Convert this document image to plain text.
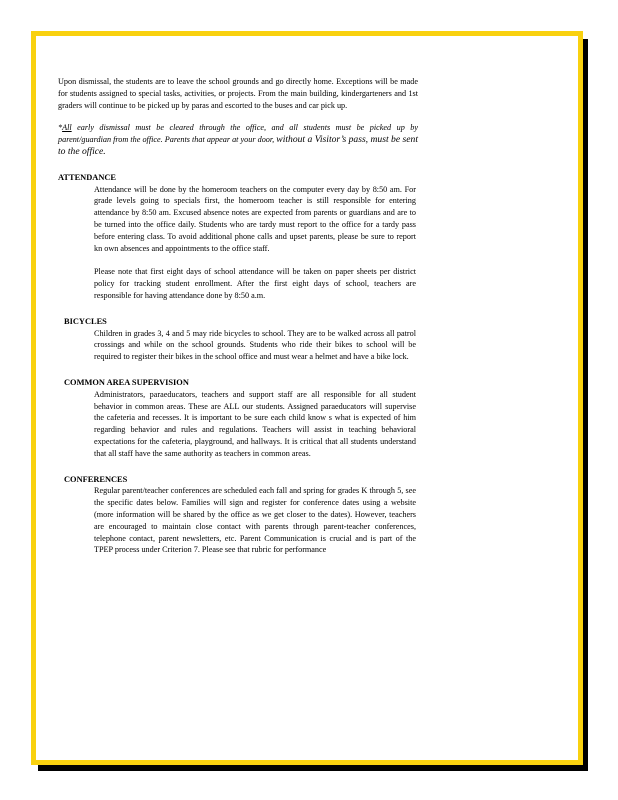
Upon dismissal, the students are to leave the school grounds and go directly home. Exceptions will be made for students assigned to special tasks, activities, or projects. From the main building, kindergarteners and 1st graders will continue to be picked up by paras and escorted to the buses and car pick up.

*All early dismissal must be cleared through the office, and all students must be picked up by parent/guardian from the office. Parents that appear at your door, without a Visitor’s pass, must be sent to the office.

ATTENDANCE

Attendance will be done by the homeroom teachers on the computer every day by 8:50 am. For grade levels going to specials first, the homeroom teacher is still responsible for entering attendance by 8:50 am. Excused absence notes are expected from parents or guardians and are to be turned into the office daily. Students who are tardy must report to the office for a tardy pass before entering class. To avoid additional phone calls and upset parents, please be sure to report kn own absences and appointments to the office staff.

Please note that first eight days of school attendance will be taken on paper sheets per district policy for tracking student enrollment. After the first eight days of school, teachers are responsible for having attendance done by 8:50 a.m.

BICYCLES

Children in grades 3, 4 and 5 may ride bicycles to school. They are to be walked across all patrol crossings and while on the school grounds. Students who ride their bikes to school will be required to register their bikes in the school office and must wear a helmet and have a bike lock.

COMMON AREA SUPERVISION

Administrators, paraeducators, teachers and support staff are all responsible for all student behavior in common areas. These are ALL our students. Assigned paraeducators will supervise the cafeteria and recesses. It is important to be sure each child know s what is expected of him regarding behavior and rules and regulations. Teachers will assist in teaching behavioral expectations for the cafeteria, playground, and hallways. It is critical that all students understand that all staff have the same authority as teachers in common areas.

CONFERENCES

Regular parent/teacher conferences are scheduled each fall and spring for grades K through 5, see the specific dates below. Families will sign and register for conference dates using a website (more information will be shared by the office as we get closer to the dates). However, teachers are encouraged to maintain close contact with parents through parent-teacher conferences, telephone contact, parent newsletters, etc. Parent Communication is crucial and is part of the TPEP process under Criterion 7. Please see that rubric for performance
